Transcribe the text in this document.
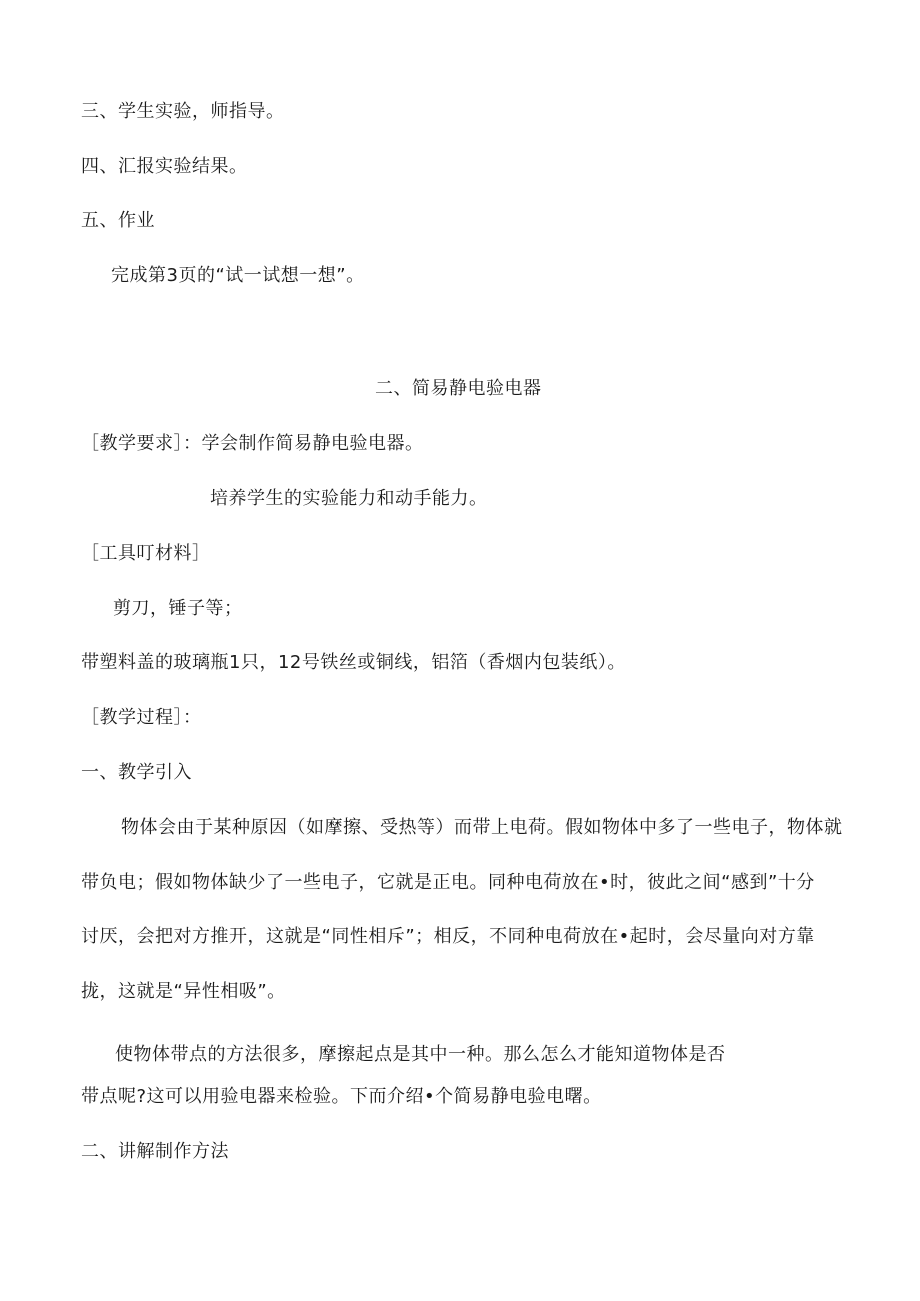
三、学生实验，师指导。
四、汇报实验结果。
五、作业
完成第3页的“试一试想一想”。
二、简易静电验电器
［教学要求］：学会制作简易静电验电器。
培养学生的实验能力和动手能力。
［工具叮材料］
剪刀，锤子等；
带塑料盖的玻璃瓶1只，12号铁丝或铜线，铝箔（香烟内包装纸）。
［教学过程］：
一、教学引入
物体会由于某种原因（如摩擦、受热等）而带上电荷。假如物体中多了一些电子，物体就
带负电；假如物体缺少了一些电子，它就是正电。同种电荷放在•时，彼此之间“感到”十分
讨厌，会把对方推开，这就是“同性相斥”；相反，不同种电荷放在•起时，会尽量向对方靠
拢，这就是“异性相吸”。
使物体带点的方法很多，摩擦起点是其中一种。那么怎么才能知道物体是否
带点呢?这可以用验电器来检验。下而介绍•个简易静电验电曙。
二、讲解制作方法
